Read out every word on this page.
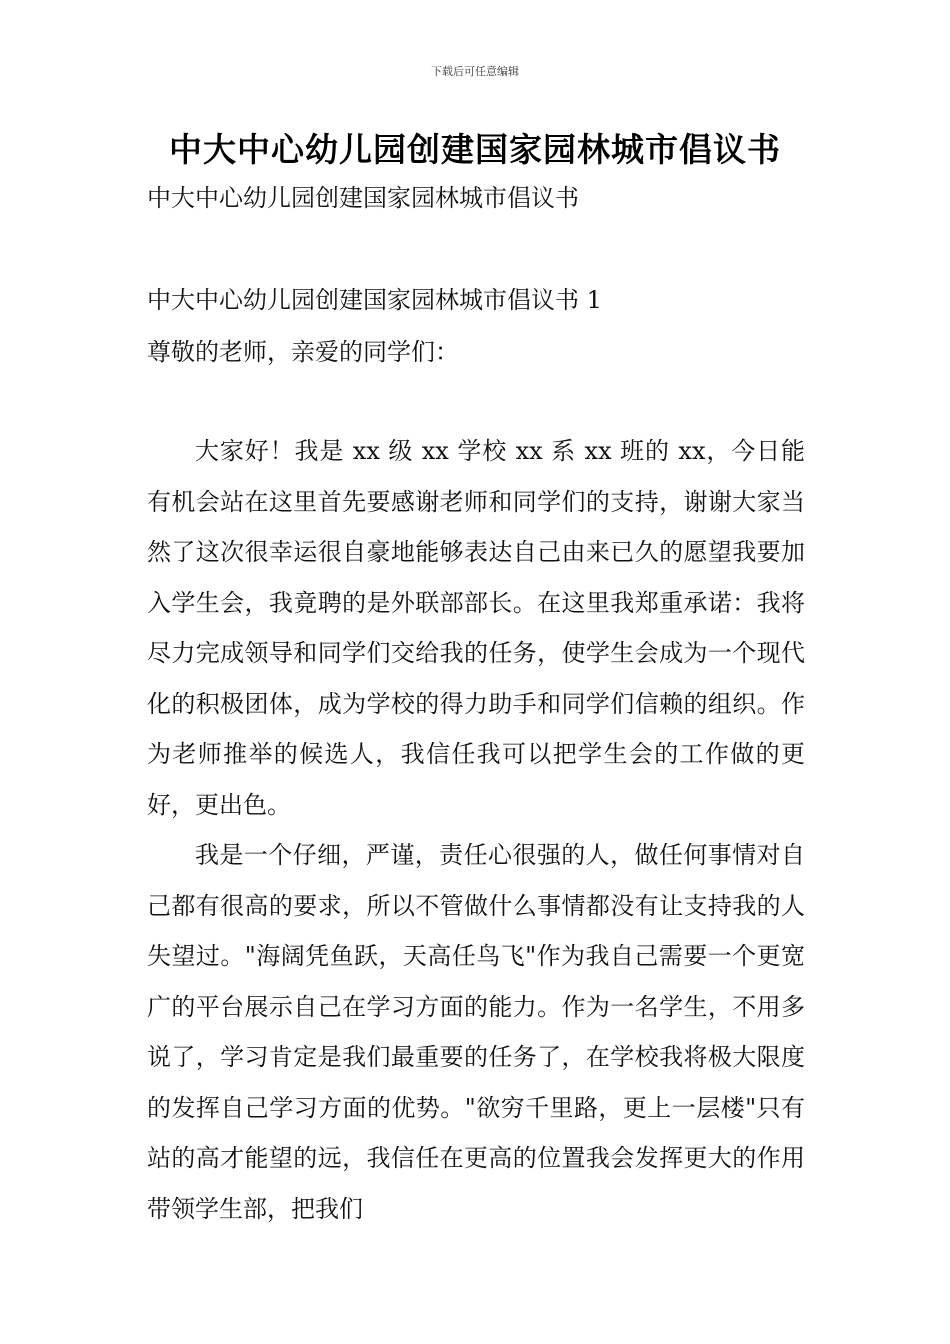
下载后可任意编辑
中大中心幼儿园创建国家园林城市倡议书
中大中心幼儿园创建国家园林城市倡议书
中大中心幼儿园创建国家园林城市倡议书 1
尊敬的老师，亲爱的同学们：

大家好！我是 xx 级 xx 学校 xx 系 xx 班的 xx，今日能有机会站在这里首先要感谢老师和同学们的支持，谢谢大家当然了这次很幸运很自豪地能够表达自己由来已久的愿望我要加入学生会，我竟聘的是外联部部长。在这里我郑重承诺：我将尽力完成领导和同学们交给我的任务，使学生会成为一个现代化的积极团体，成为学校的得力助手和同学们信赖的组织。作为老师推举的候选人，我信任我可以把学生会的工作做的更好，更出色。

我是一个仔细，严谨，责任心很强的人，做任何事情对自己都有很高的要求，所以不管做什么事情都没有让支持我的人失望过。"海阔凭鱼跃，天高任鸟飞"作为我自己需要一个更宽广的平台展示自己在学习方面的能力。作为一名学生，不用多说了，学习肯定是我们最重要的任务了，在学校我将极大限度的发挥自己学习方面的优势。"欲穷千里路，更上一层楼"只有站的高才能望的远，我信任在更高的位置我会发挥更大的作用带领学生部，把我们
